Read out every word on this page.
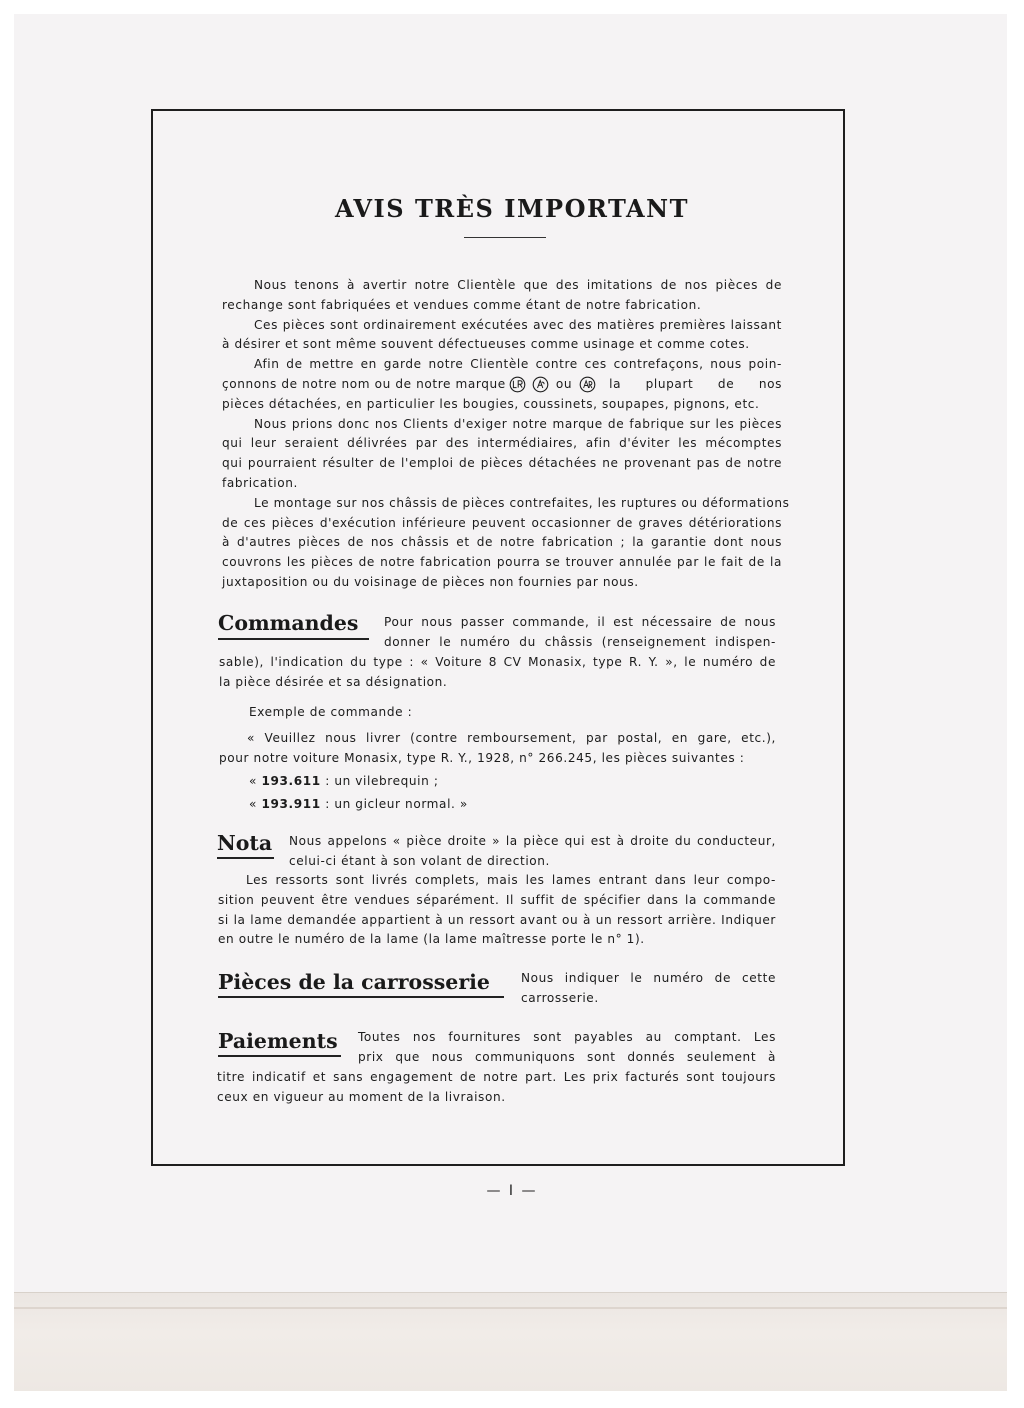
AVIS TRÈS IMPORTANT
Nous tenons à avertir notre Clientèle que des imitations de nos pièces de
rechange sont fabriquées et vendues comme étant de notre fabrication.
Ces pièces sont ordinairement exécutées avec des matières premières laissant
à désirer et sont même souvent défectueuses comme usinage et comme cotes.
Afin de mettre en garde notre Clientèle contre ces contrefaçons, nous poin-
çonnons de notre nom ou de notre marque	ou	la plupart de nos
pièces détachées, en particulier les bougies, coussinets, soupapes, pignons, etc.
Nous prions donc nos Clients d'exiger notre marque de fabrique sur les pièces
qui leur seraient délivrées par des intermédiaires, afin d'éviter les mécomptes
qui pourraient résulter de l'emploi de pièces détachées ne provenant pas de notre
fabrication.
Le montage sur nos châssis de pièces contrefaites, les ruptures ou déformations
de ces pièces d'exécution inférieure peuvent occasionner de graves détériorations
à d'autres pièces de nos châssis et de notre fabrication ; la garantie dont nous
couvrons les pièces de notre fabrication pourra se trouver annulée par le fait de la
juxtaposition ou du voisinage de pièces non fournies par nous.
Commandes Pour nous passer commande, il est nécessaire de nous
donner le numéro du châssis (renseignement indispen-
sable), l'indication du type : « Voiture 8 CV Monasix, type R. Y. », le numéro de
la pièce désirée et sa désignation.
Exemple de commande :
« Veuillez nous livrer (contre remboursement, par postal, en gare, etc.),
pour notre voiture Monasix, type R. Y., 1928, n° 266.245, les pièces suivantes :
« 193.611 : un vilebrequin ;
« 193.911 : un gicleur normal. »
Nota Nous appelons « pièce droite » la pièce qui est à droite du conducteur,
celui-ci étant à son volant de direction.
Les ressorts sont livrés complets, mais les lames entrant dans leur compo-
sition peuvent être vendues séparément. Il suffit de spécifier dans la commande
si la lame demandée appartient à un ressort avant ou à un ressort arrière. Indiquer
en outre le numéro de la lame (la lame maîtresse porte le n° 1).
Pièces de la carrosserie	Nous indiquer le numéro de cette
carrosserie.
Paiements Toutes nos fournitures sont payables au comptant. Les
prix que nous communiquons sont donnés seulement à
titre indicatif et sans engagement de notre part. Les prix facturés sont toujours
ceux en vigueur au moment de la livraison.
— I —
